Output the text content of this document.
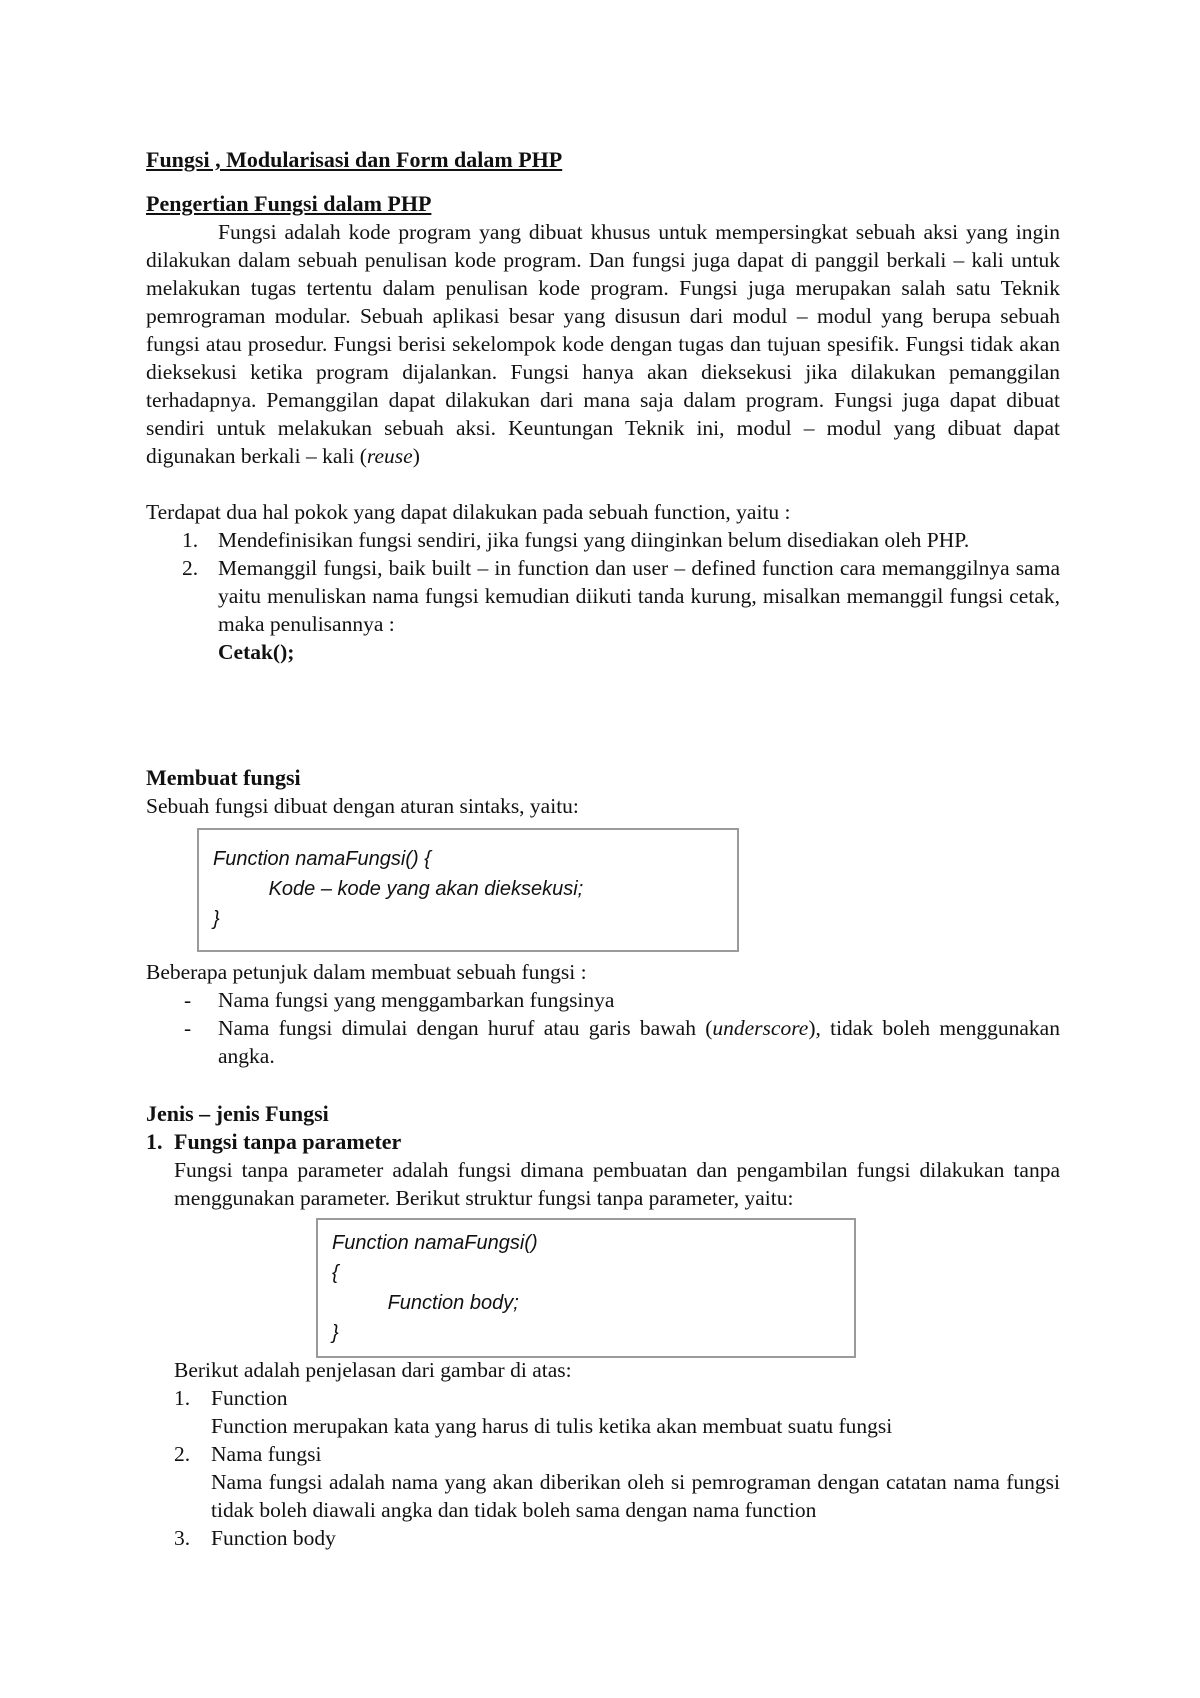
Fungsi , Modularisasi dan Form dalam PHP
Pengertian Fungsi dalam PHP
Fungsi adalah kode program yang dibuat khusus untuk mempersingkat sebuah aksi yang ingin dilakukan dalam sebuah penulisan kode program. Dan fungsi juga dapat di panggil berkali – kali untuk melakukan tugas tertentu dalam penulisan kode program. Fungsi juga merupakan salah satu Teknik pemrograman modular. Sebuah aplikasi besar yang disusun dari modul – modul yang berupa sebuah fungsi atau prosedur. Fungsi berisi sekelompok kode dengan tugas dan tujuan spesifik. Fungsi tidak akan dieksekusi ketika program dijalankan. Fungsi hanya akan dieksekusi jika dilakukan pemanggilan terhadapnya. Pemanggilan dapat dilakukan dari mana saja dalam program. Fungsi juga dapat dibuat sendiri untuk melakukan sebuah aksi. Keuntungan Teknik ini, modul – modul yang dibuat dapat digunakan berkali – kali (reuse)
Terdapat dua hal pokok yang dapat dilakukan pada sebuah function, yaitu :
1. Mendefinisikan fungsi sendiri, jika fungsi yang diinginkan belum disediakan oleh PHP.
2. Memanggil fungsi, baik built – in function dan user – defined function cara memanggilnya sama yaitu menuliskan nama fungsi kemudian diikuti tanda kurung, misalkan memanggil fungsi cetak, maka penulisannya :
Cetak();
Membuat fungsi
Sebuah fungsi dibuat dengan aturan sintaks, yaitu:
Function namaFungsi() {
Kode – kode yang akan dieksekusi;
}
Beberapa petunjuk dalam membuat sebuah fungsi :
- Nama fungsi yang menggambarkan fungsinya
- Nama fungsi dimulai dengan huruf atau garis bawah (underscore), tidak boleh menggunakan angka.
Jenis – jenis Fungsi
1. Fungsi tanpa parameter
Fungsi tanpa parameter adalah fungsi dimana pembuatan dan pengambilan fungsi dilakukan tanpa menggunakan parameter. Berikut struktur fungsi tanpa parameter, yaitu:
Function namaFungsi()
{
Function body;
}
Berikut adalah penjelasan dari gambar di atas:
1. Function
Function merupakan kata yang harus di tulis ketika akan membuat suatu fungsi
2. Nama fungsi
Nama fungsi adalah nama yang akan diberikan oleh si pemrograman dengan catatan nama fungsi tidak boleh diawali angka dan tidak boleh sama dengan nama function
3. Function body
